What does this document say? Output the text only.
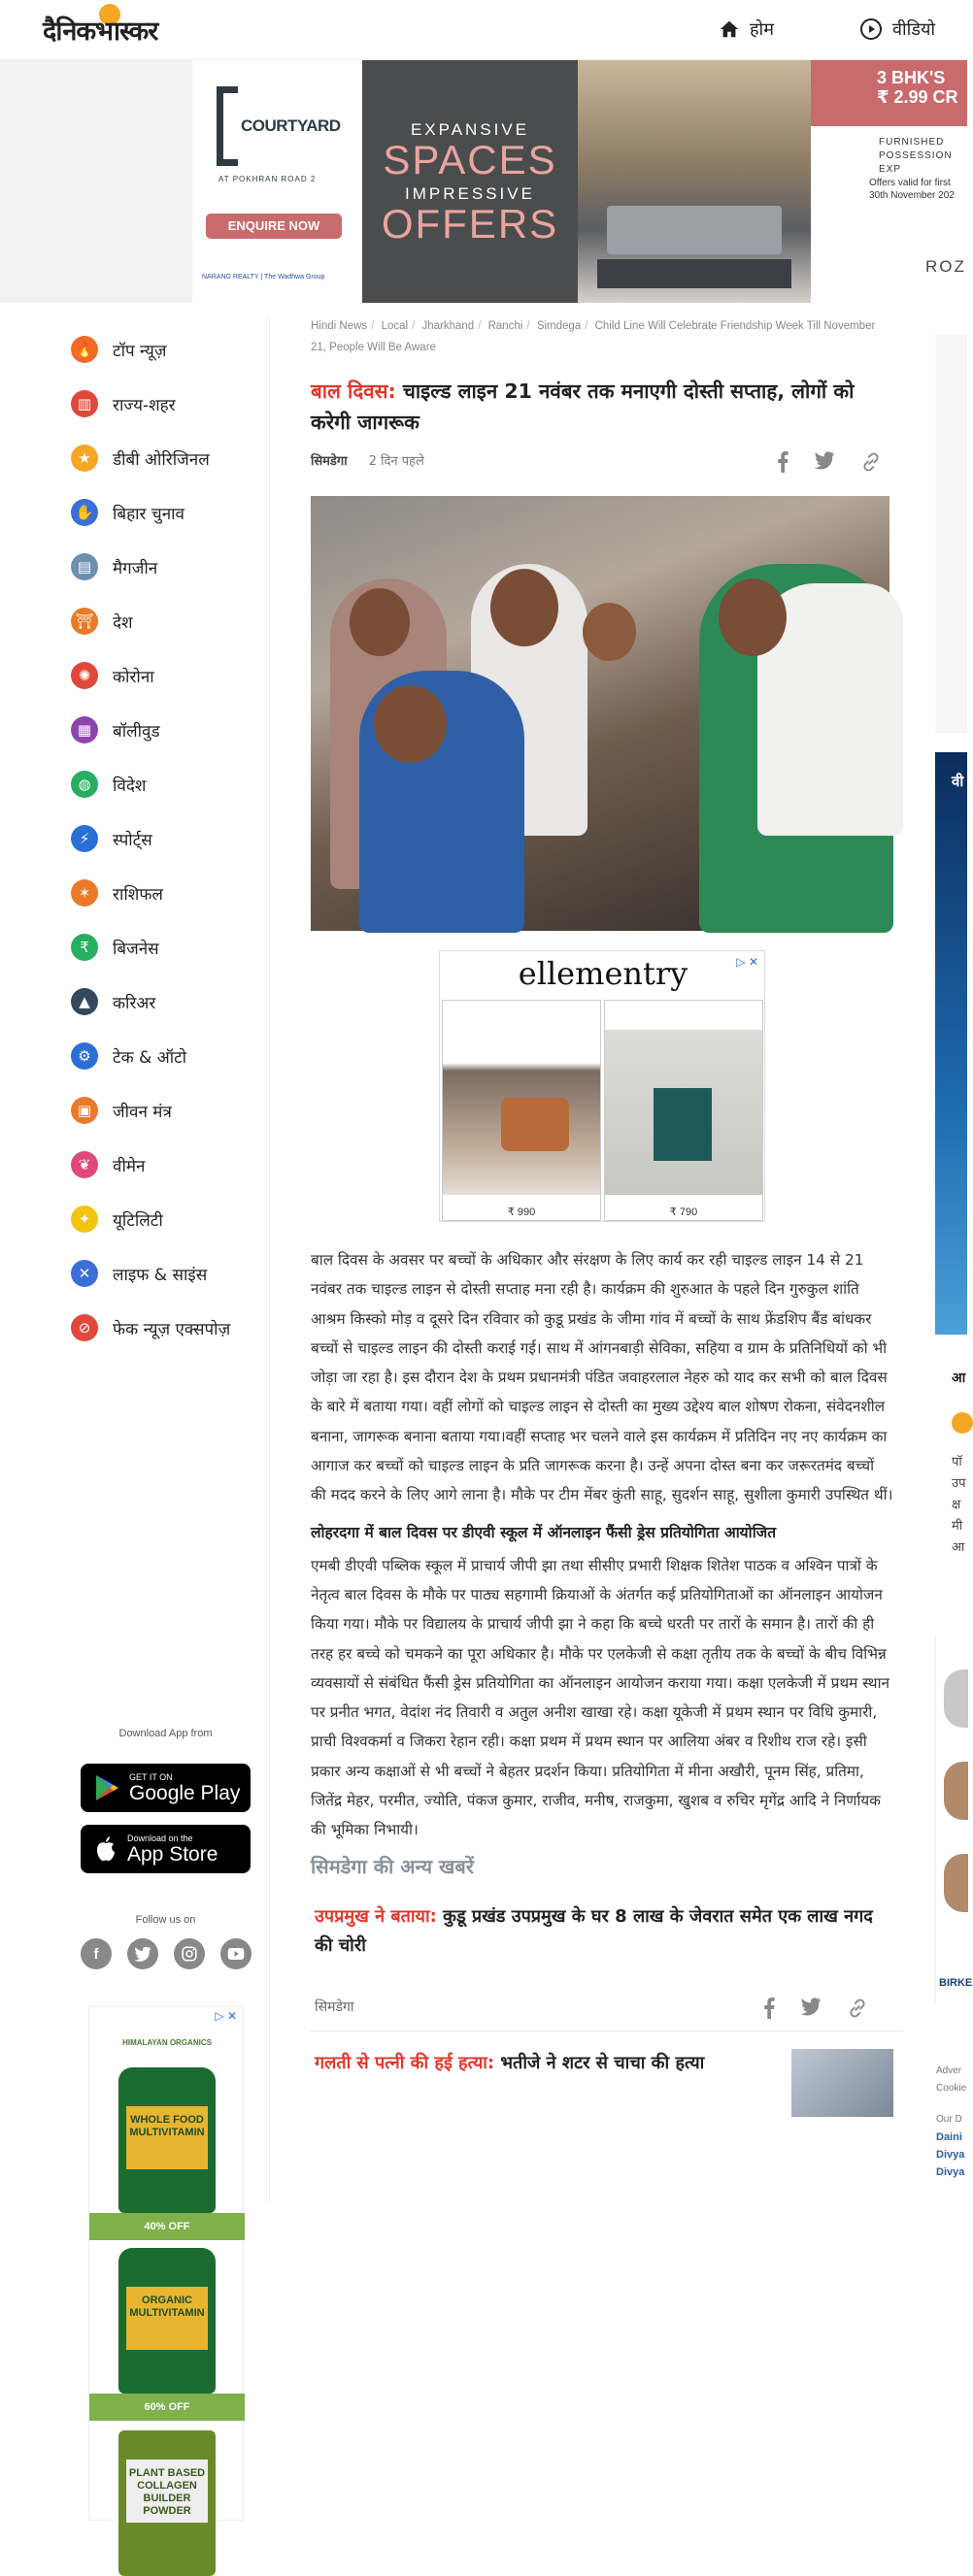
दैनिकभास्कर	होम	वीडियो
COURTYARD
AT POKHRAN ROAD 2
ENQUIRE NOW
NARANG REALTY | The Wadhwa Group
EXPANSIVE
SPACES
IMPRESSIVE
OFFERS
3 BHK'S
₹ 2.99 CR
FURNISHED
POSSESSION EXP
Offers valid for first
30th November 202
ROZ
🔥 टॉप न्यूज़
▥	राज्य-शहर
★	डीबी ओरिजिनल
✋ बिहार चुनाव
▤	मैगजीन
⛩ देश
✺	कोरोना
▦	बॉलीवुड
◍	विदेश
⚡	स्पोर्ट्स
✶	राशिफल
₹	बिजनेस
▲	करिअर
⚙	टेक & ऑटो
▣	जीवन मंत्र
❦	वीमेन
✦	यूटिलिटी
✕	लाइफ & साइंस
⊘	फेक न्यूज़ एक्सपोज़
Download App from
GET IT ON
Google Play
Download on the
App Store
Follow us on
f
▷ ✕
HIMALAYAN ORGANICS
WHOLE FOOD MULTIVITAMIN
40% OFF
ORGANIC MULTIVITAMIN
60% OFF
PLANT BASED COLLAGEN BUILDER POWDER
Hindi News / Local / Jharkhand / Ranchi / Simdega / Child Line Will Celebrate Friendship Week Till November 21, People Will Be Aware
बाल दिवस: चाइल्ड लाइन 21 नवंबर तक मनाएगी दोस्ती सप्ताह, लोगों को करेगी जागरूक
सिमडेगा 2 दिन पहले
ellementry	▷ ✕
₹ 990	₹ 790

बाल दिवस के अवसर पर बच्चों के अधिकार और संरक्षण के लिए कार्य कर रही चाइल्ड लाइन 14 से 21 नवंबर तक चाइल्ड लाइन से दोस्ती सप्ताह मना रही है। कार्यक्रम की शुरुआत के पहले दिन गुरुकुल शांति आश्रम किस्को मोड़ व दूसरे दिन रविवार को कुडू प्रखंड के जीमा गांव में बच्चों के साथ फ्रेंडशिप बैंड बांधकर बच्चों से चाइल्ड लाइन की दोस्ती कराई गई। साथ में आंगनबाड़ी सेविका, सहिया व ग्राम के प्रतिनिधियों को भी जोड़ा जा रहा है। इस दौरान देश के प्रथम प्रधानमंत्री पंडित जवाहरलाल नेहरु को याद कर सभी को बाल दिवस के बारे में बताया गया। वहीं लोगों को चाइल्ड लाइन से दोस्ती का मुख्य उद्देश्य बाल शोषण रोकना, संवेदनशील बनाना, जागरूक बनाना बताया गया।वहीं सप्ताह भर चलने वाले इस कार्यक्रम में प्रतिदिन नए नए कार्यक्रम का आगाज कर बच्चों को चाइल्ड लाइन के प्रति जागरूक करना है। उन्हें अपना दोस्त बना कर जरूरतमंद बच्चों की मदद करने के लिए आगे लाना है। मौके पर टीम मेंबर कुंती साहू, सुदर्शन साहू, सुशीला कुमारी उपस्थित थीं।

लोहरदगा में बाल दिवस पर डीएवी स्कूल में ऑनलाइन फैंसी ड्रेस प्रतियोगिता आयोजित

एमबी डीएवी पब्लिक स्कूल में प्राचार्य जीपी झा तथा सीसीए प्रभारी शिक्षक शितेश पाठक व अश्विन पात्रों के नेतृत्व बाल दिवस के मौके पर पाठ्य सहगामी क्रियाओं के अंतर्गत कई प्रतियोगिताओं का ऑनलाइन आयोजन किया गया। मौके पर विद्यालय के प्राचार्य जीपी झा ने कहा कि बच्चे धरती पर तारों के समान है। तारों की ही तरह हर बच्चे को चमकने का पूरा अधिकार है। मौके पर एलकेजी से कक्षा तृतीय तक के बच्चों के बीच विभिन्न व्यवसायों से संबंधित फैंसी ड्रेस प्रतियोगिता का ऑनलाइन आयोजन कराया गया। कक्षा एलकेजी में प्रथम स्थान पर प्रनीत भगत, वेदांश नंद तिवारी व अतुल अनीश खाखा रहे। कक्षा यूकेजी में प्रथम स्थान पर विधि कुमारी, प्राची विश्वकर्मा व जिकरा रेहान रही। कक्षा प्रथम में प्रथम स्थान पर आलिया अंबर व रिशीथ राज रहे। इसी प्रकार अन्य कक्षाओं से भी बच्चों ने बेहतर प्रदर्शन किया। प्रतियोगिता में मीना अखौरी, पूनम सिंह, प्रतिमा, जितेंद्र मेहर, परमीत, ज्योति, पंकज कुमार, राजीव, मनीष, राजकुमा, खुशब व रुचिर मृगेंद्र आदि ने निर्णायक की भूमिका निभायी।

सिमडेगा की अन्य खबरें
उपप्रमुख ने बताया: कुडू प्रखंड उपप्रमुख के घर 8 लाख के जेवरात समेत एक लाख नगद की चोरी
सिमडेगा
गलती से पत्नी की हई हत्या: भतीजे ने शटर से चाचा की हत्या
वी
आ
पॉ
उप
क्ष
मी
आ
BIRKE
Adver
Cookie
Our D
Daini
Divya
Divya
